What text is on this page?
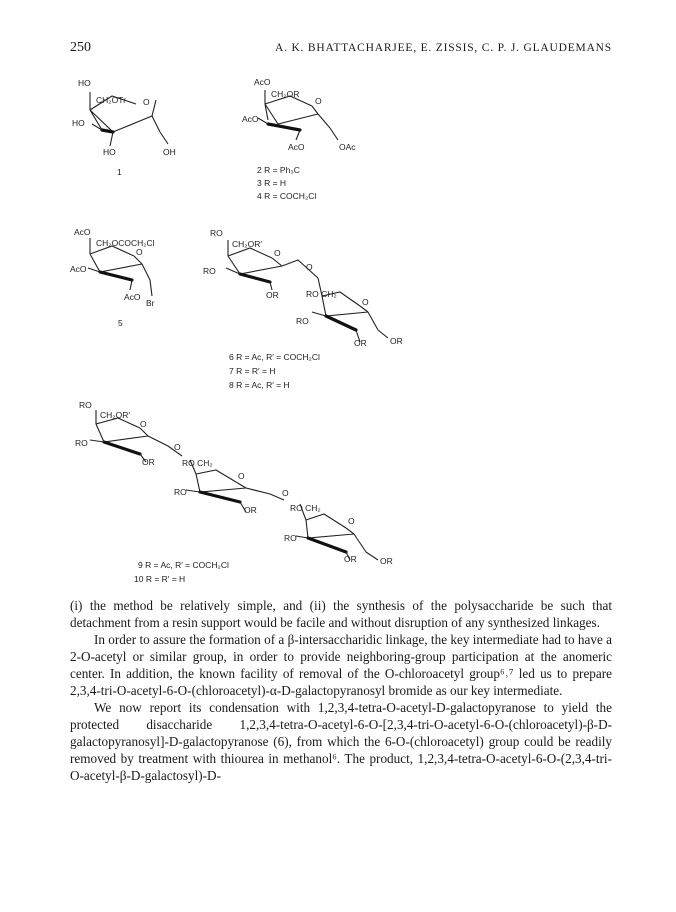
250	A. K. BHATTACHARJEE, E. ZISSIS, C. P. J. GLAUDEMANS
HO
CH₂OTr
HO
O
HO	OH
1
AcO
CH₂OR
AcO
O
AcO	OAc
2 R = Ph₃C
3 R = H
4 R = COCH₂Cl
AcO
CH₂OCOCH₂Cl
AcO
O
AcO
Br
5
RO
CH₂OR′
RO
O
OR
O
RO CH₂
RO
O
OR	OR
6 R = Ac, R′ = COCH₂Cl
7 R = R′ = H
8 R = Ac, R′ = H
RO
CH₂OR′
RO
O
OR
O
RO CH₂
RO
O
OR
O
RO CH₂
RO
O
OR	OR
9 R = Ac, R′ = COCH₂Cl
10 R = R′ = H

(i) the method be relatively simple, and (ii) the synthesis of the polysaccharide be such that detachment from a resin support would be facile and without disruption of any synthesized linkages.

In order to assure the formation of a β-intersaccharidic linkage, the key intermediate had to have a 2-O-acetyl or similar group, in order to provide neighboring-group participation at the anomeric center. In addition, the known facility of removal of the O-chloroacetyl group⁶˒⁷ led us to prepare 2,3,4-tri-O-acetyl-6-O-(chloroacetyl)-α-D-galactopyranosyl bromide as our key intermediate.

We now report its condensation with 1,2,3,4-tetra-O-acetyl-D-galactopyranose to yield the protected disaccharide 1,2,3,4-tetra-O-acetyl-6-O-[2,3,4-tri-O-acetyl-6-O-(chloroacetyl)-β-D-galactopyranosyl]-D-galactopyranose (6), from which the 6-O-(chloroacetyl) group could be readily removed by treatment with thiourea in methanol⁶. The product, 1,2,3,4-tetra-O-acetyl-6-O-(2,3,4-tri-O-acetyl-β-D-galactosyl)-D-
